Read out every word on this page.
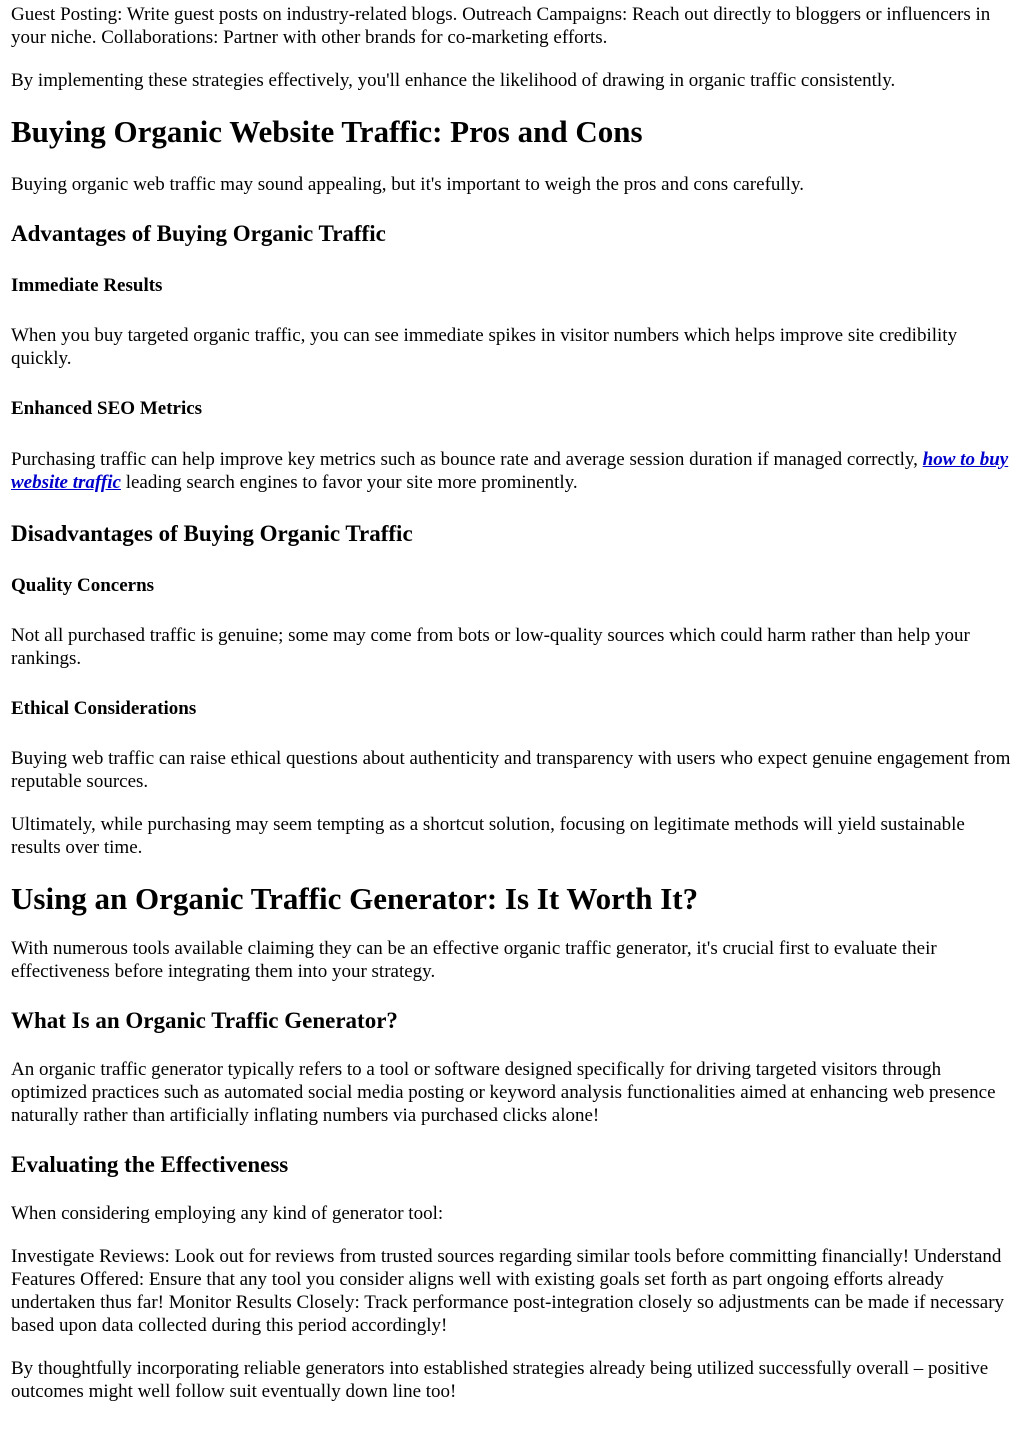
Guest Posting: Write guest posts on industry-related blogs. Outreach Campaigns: Reach out directly to bloggers or influencers in your niche. Collaborations: Partner with other brands for co-marketing efforts.

By implementing these strategies effectively, you'll enhance the likelihood of drawing in organic traffic consistently.

Buying Organic Website Traffic: Pros and Cons

Buying organic web traffic may sound appealing, but it's important to weigh the pros and cons carefully.

Advantages of Buying Organic Traffic
Immediate Results

When you buy targeted organic traffic, you can see immediate spikes in visitor numbers which helps improve site credibility quickly.

Enhanced SEO Metrics

Purchasing traffic can help improve key metrics such as bounce rate and average session duration if managed correctly, how to buy website traffic leading search engines to favor your site more prominently.

Disadvantages of Buying Organic Traffic
Quality Concerns

Not all purchased traffic is genuine; some may come from bots or low-quality sources which could harm rather than help your rankings.

Ethical Considerations

Buying web traffic can raise ethical questions about authenticity and transparency with users who expect genuine engagement from reputable sources.

Ultimately, while purchasing may seem tempting as a shortcut solution, focusing on legitimate methods will yield sustainable results over time.

Using an Organic Traffic Generator: Is It Worth It?

With numerous tools available claiming they can be an effective organic traffic generator, it's crucial first to evaluate their effectiveness before integrating them into your strategy.

What Is an Organic Traffic Generator?

An organic traffic generator typically refers to a tool or software designed specifically for driving targeted visitors through optimized practices such as automated social media posting or keyword analysis functionalities aimed at enhancing web presence naturally rather than artificially inflating numbers via purchased clicks alone!

Evaluating the Effectiveness

When considering employing any kind of generator tool:

Investigate Reviews: Look out for reviews from trusted sources regarding similar tools before committing financially! Understand Features Offered: Ensure that any tool you consider aligns well with existing goals set forth as part ongoing efforts already undertaken thus far! Monitor Results Closely: Track performance post-integration closely so adjustments can be made if necessary based upon data collected during this period accordingly!

By thoughtfully incorporating reliable generators into established strategies already being utilized successfully overall – positive outcomes might well follow suit eventually down line too!
